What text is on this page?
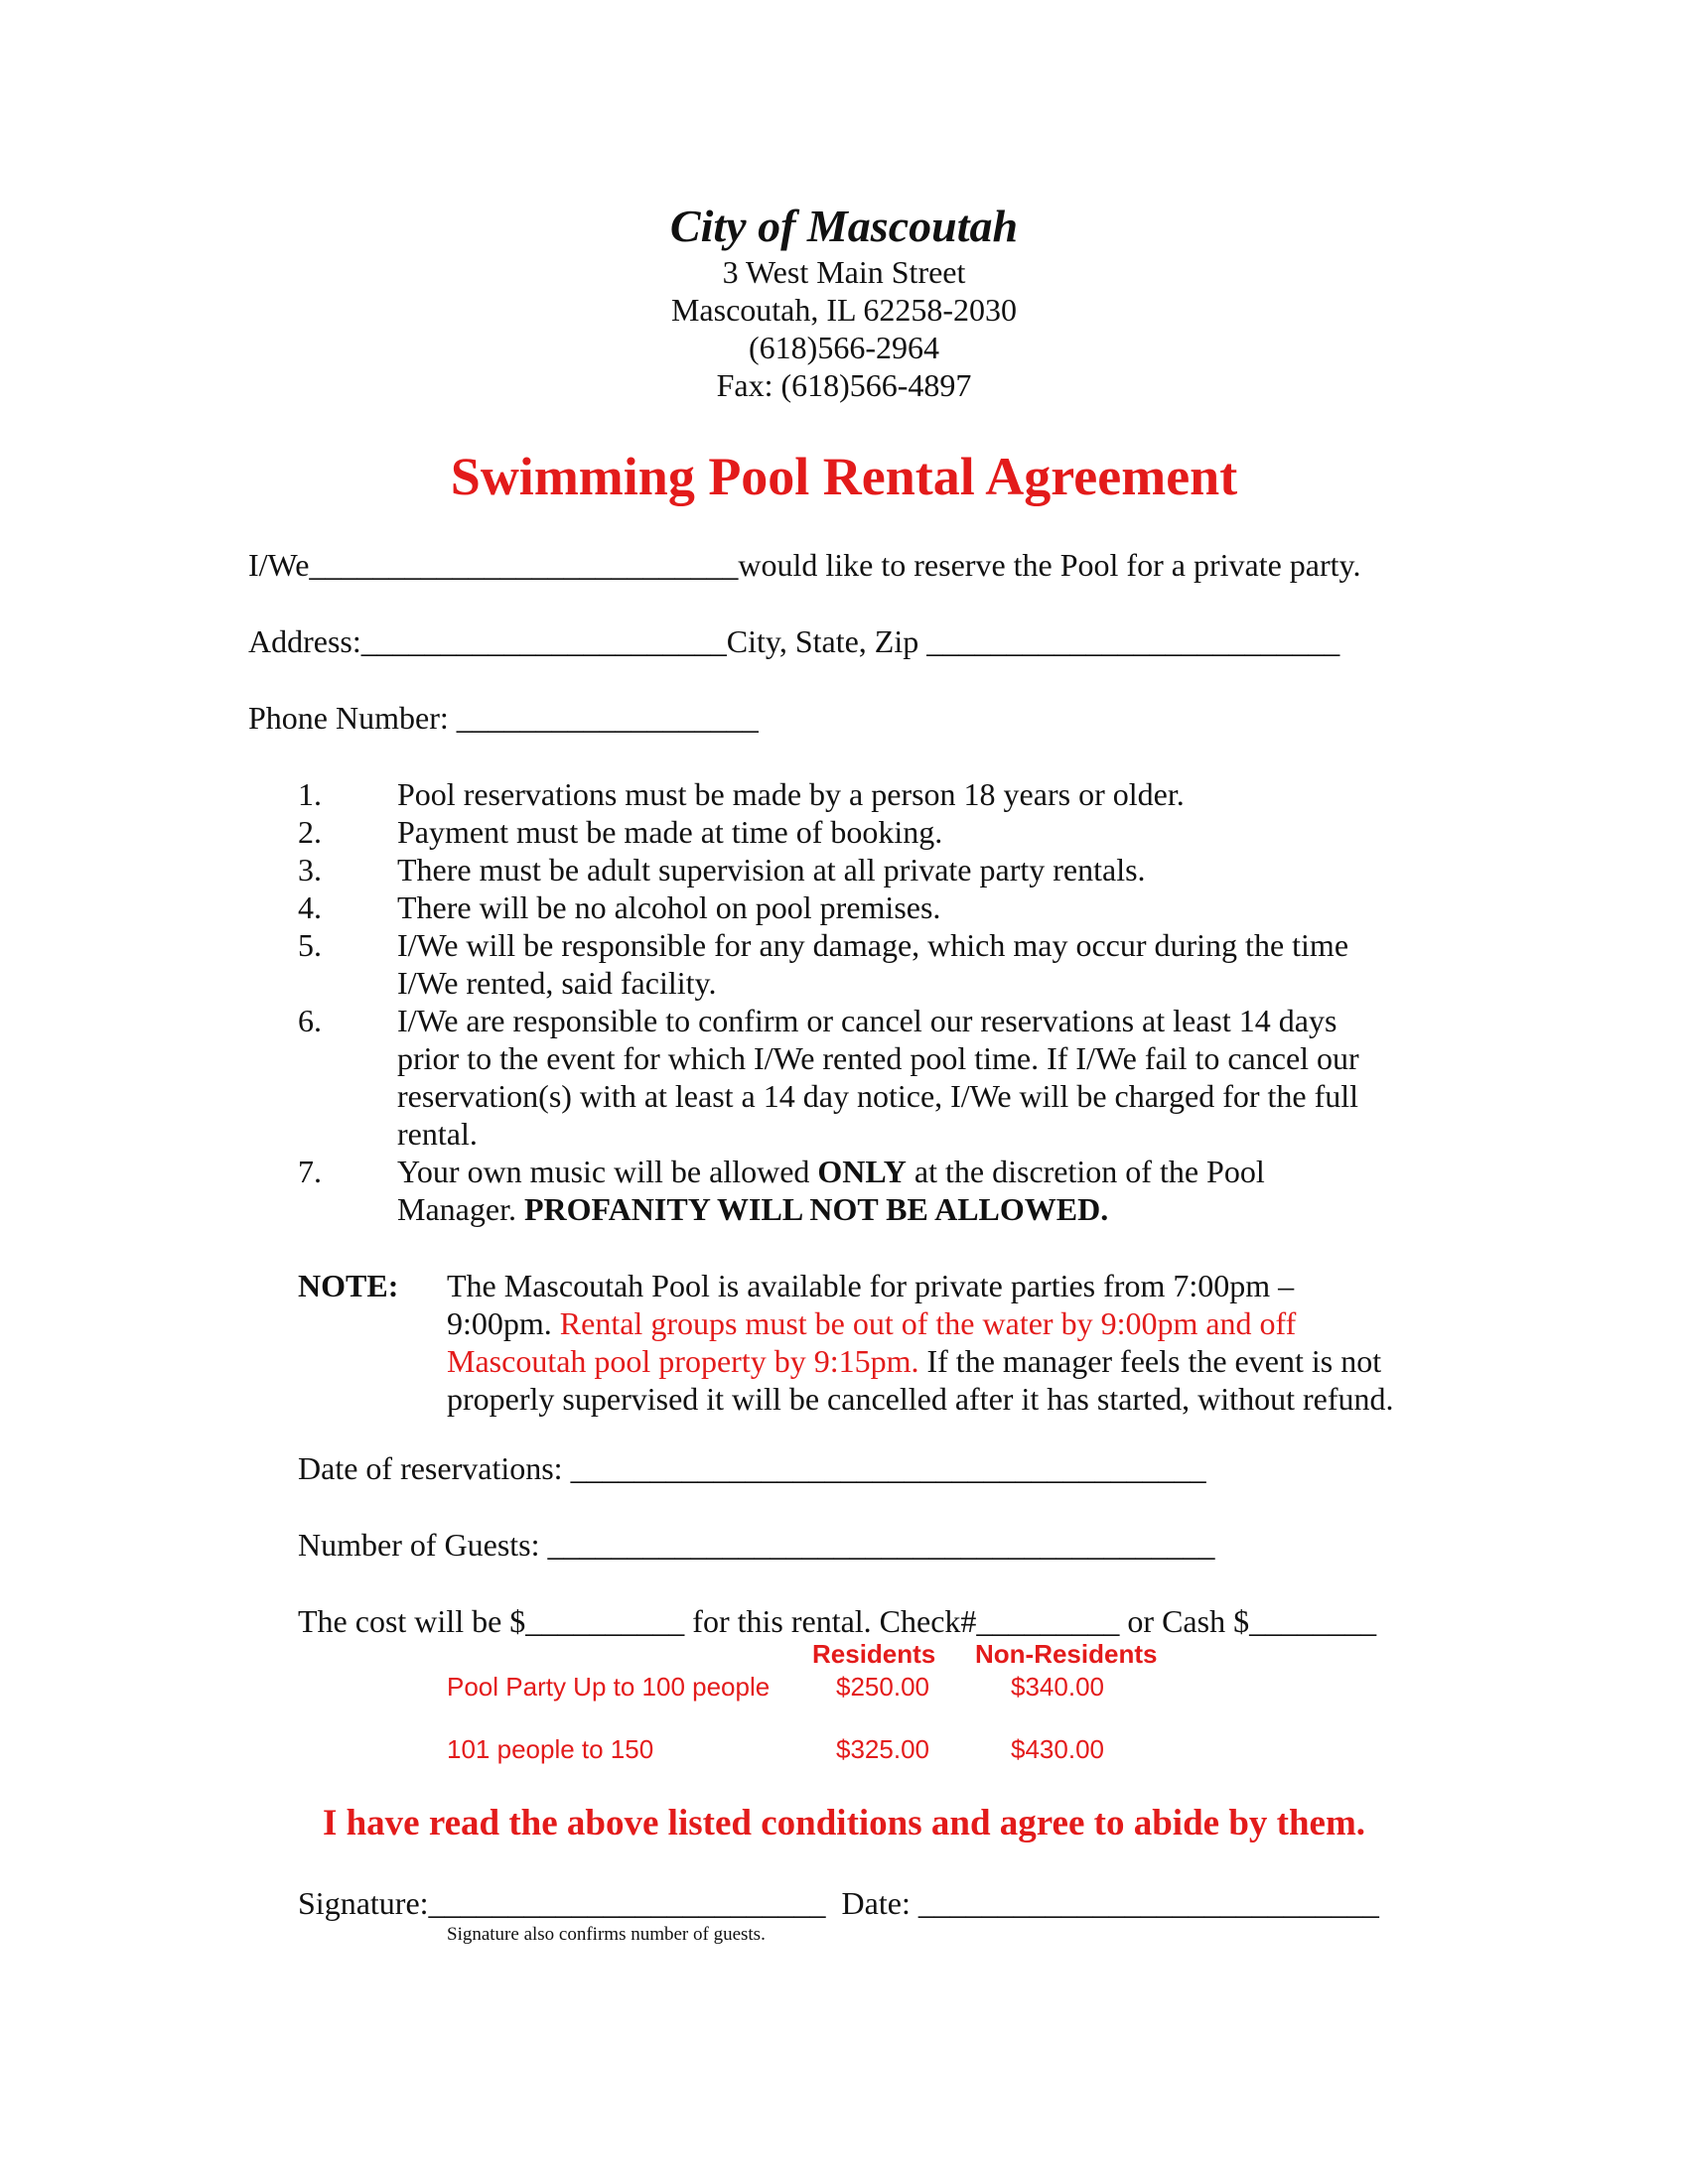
City of Mascoutah
3 West Main Street
Mascoutah, IL 62258-2030
(618)566-2964
Fax: (618)566-4897
Swimming Pool Rental Agreement
I/We___________________________would like to reserve the Pool for a private party.
Address:_______________________City, State, Zip __________________________
Phone Number: ___________________
1. Pool reservations must be made by a person 18 years or older.
2. Payment must be made at time of booking.
3. There must be adult supervision at all private party rentals.
4. There will be no alcohol on pool premises.
5. I/We will be responsible for any damage, which may occur during the time
I/We rented, said facility.
6. I/We are responsible to confirm or cancel our reservations at least 14 days
prior to the event for which I/We rented pool time. If I/We fail to cancel our
reservation(s) with at least a 14 day notice, I/We will be charged for the full
rental.
7. Your own music will be allowed ONLY at the discretion of the Pool
Manager. PROFANITY WILL NOT BE ALLOWED.
NOTE: The Mascoutah Pool is available for private parties from 7:00pm –
9:00pm. Rental groups must be out of the water by 9:00pm and off
Mascoutah pool property by 9:15pm. If the manager feels the event is not
properly supervised it will be cancelled after it has started, without refund.
Date of reservations: ________________________________________
Number of Guests: __________________________________________
The cost will be $__________ for this rental. Check#_________ or Cash $________
Residents Non-Residents
Pool Party Up to 100 people	$250.00	$340.00
101 people to 150	$325.00	$430.00
I have read the above listed conditions and agree to abide by them.
Signature:_________________________  Date: _____________________________
Signature also confirms number of guests.
